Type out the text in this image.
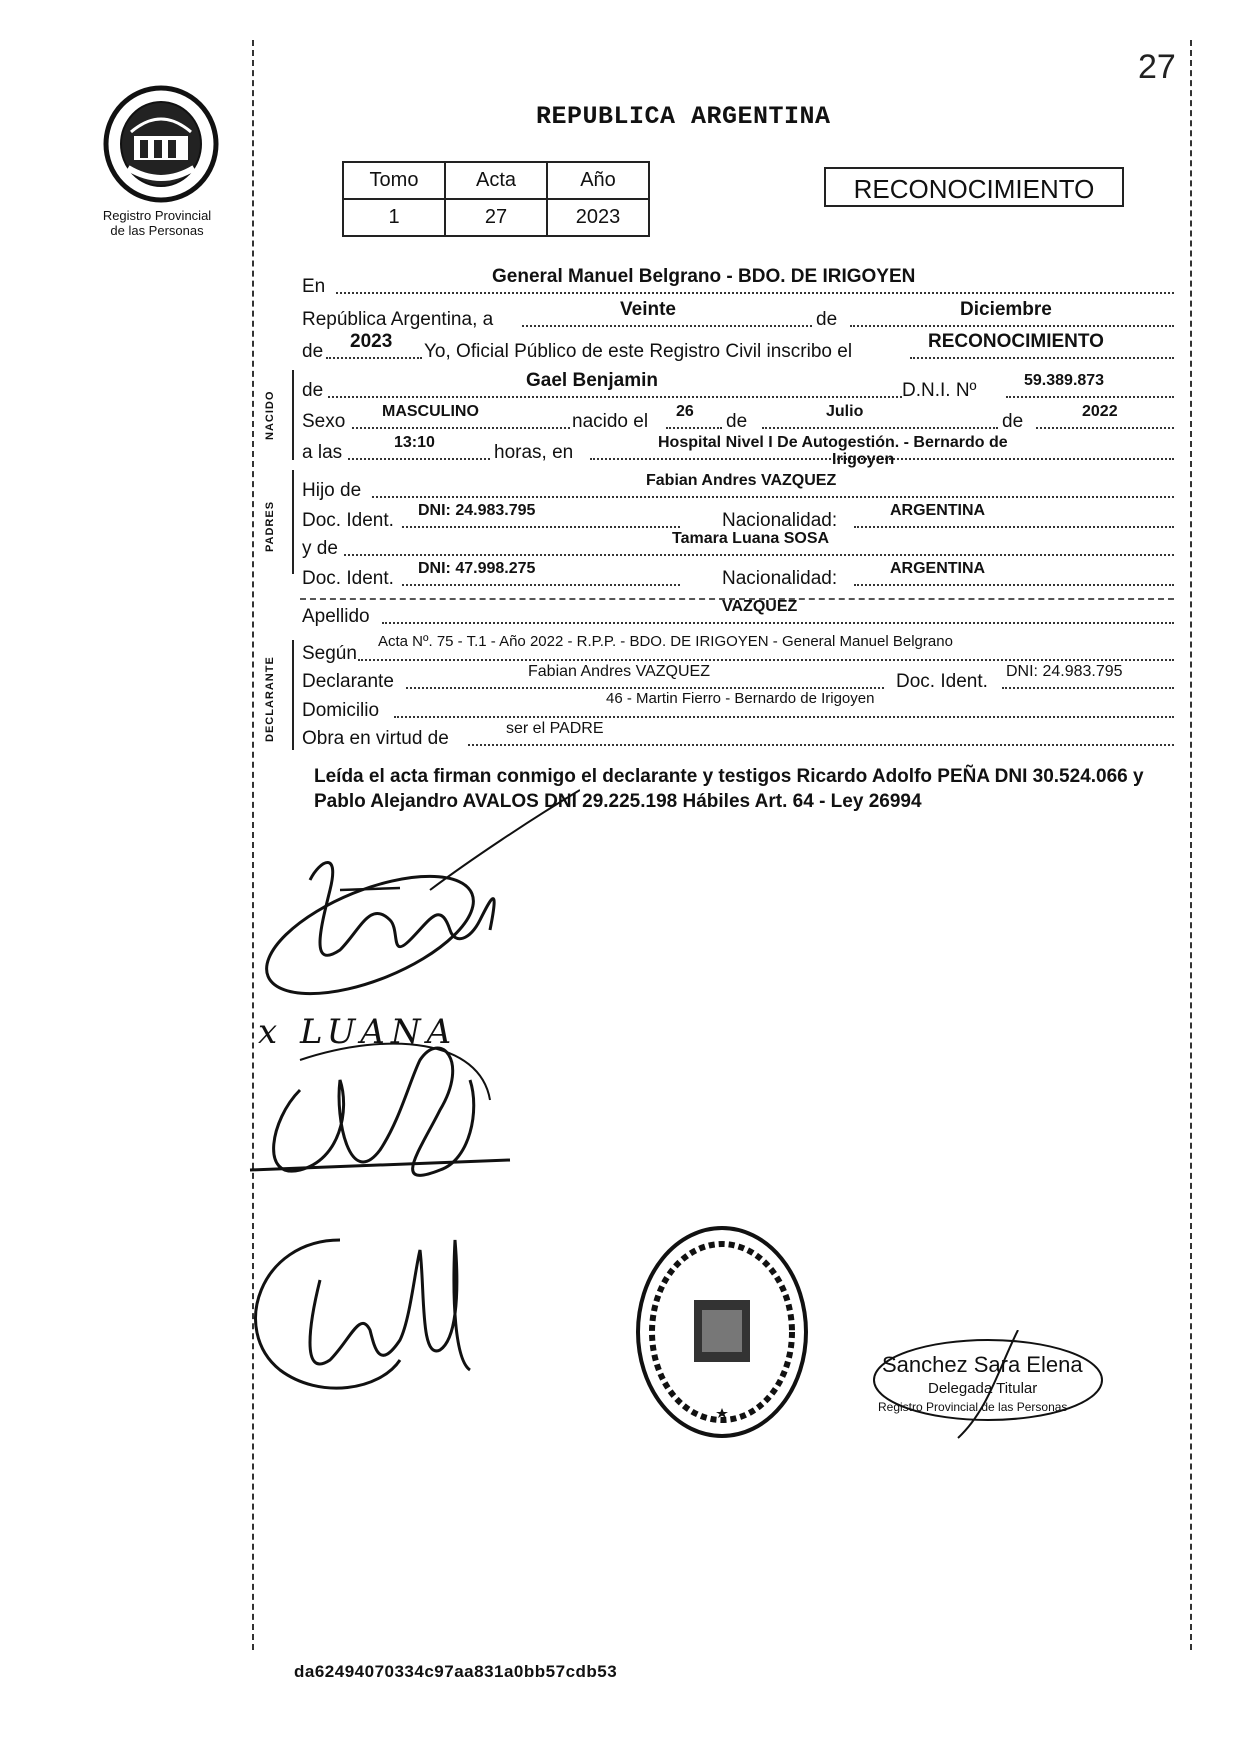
27
Registro Provincial
de las Personas
REPUBLICA ARGENTINA
Tomo	Acta	Año
1	27	2023
RECONOCIMIENTO
NACIDO
PADRES
DECLARANTE
En	General Manuel Belgrano - BDO. DE IRIGOYEN
República Argentina, a	Veinte	de	Diciembre
de 2023 Yo, Oficial Público de este Registro Civil inscribo el	RECONOCIMIENTO
de	Gael Benjamin	D.N.I. Nº	59.389.873
Sexo MASCULINO	nacido el 26 de	Julio	de	2022
a las	13:10	horas, en	Hospital Nivel I De Autogestión. - Bernardo de
Irigoyen
Hijo de	Fabian Andres VAZQUEZ
Doc. Ident. DNI: 24.983.795	Nacionalidad:	ARGENTINA
y de	Tamara Luana SOSA
Doc. Ident. DNI: 47.998.275	Nacionalidad:	ARGENTINA
Apellido	VAZQUEZ
Según
Acta Nº. 75 - T.1 - Año 2022 - R.P.P. - BDO. DE IRIGOYEN - General Manuel Belgrano
Declarante	Fabian Andres VAZQUEZ	Doc. Ident. DNI: 24.983.795
Domicilio
46 - Martin Fierro - Bernardo de Irigoyen
Obra en virtud de	ser el PADRE
Leída el acta firman conmigo el declarante y testigos Ricardo Adolfo PEÑA DNI 30.524.066 y Pablo Alejandro AVALOS DNI 29.225.198 Hábiles Art. 64 - Ley 26994
x LUANA
Sanchez Sara Elena
Delegada Titular
Registro Provincial de las Personas
da62494070334c97aa831a0bb57cdb53
